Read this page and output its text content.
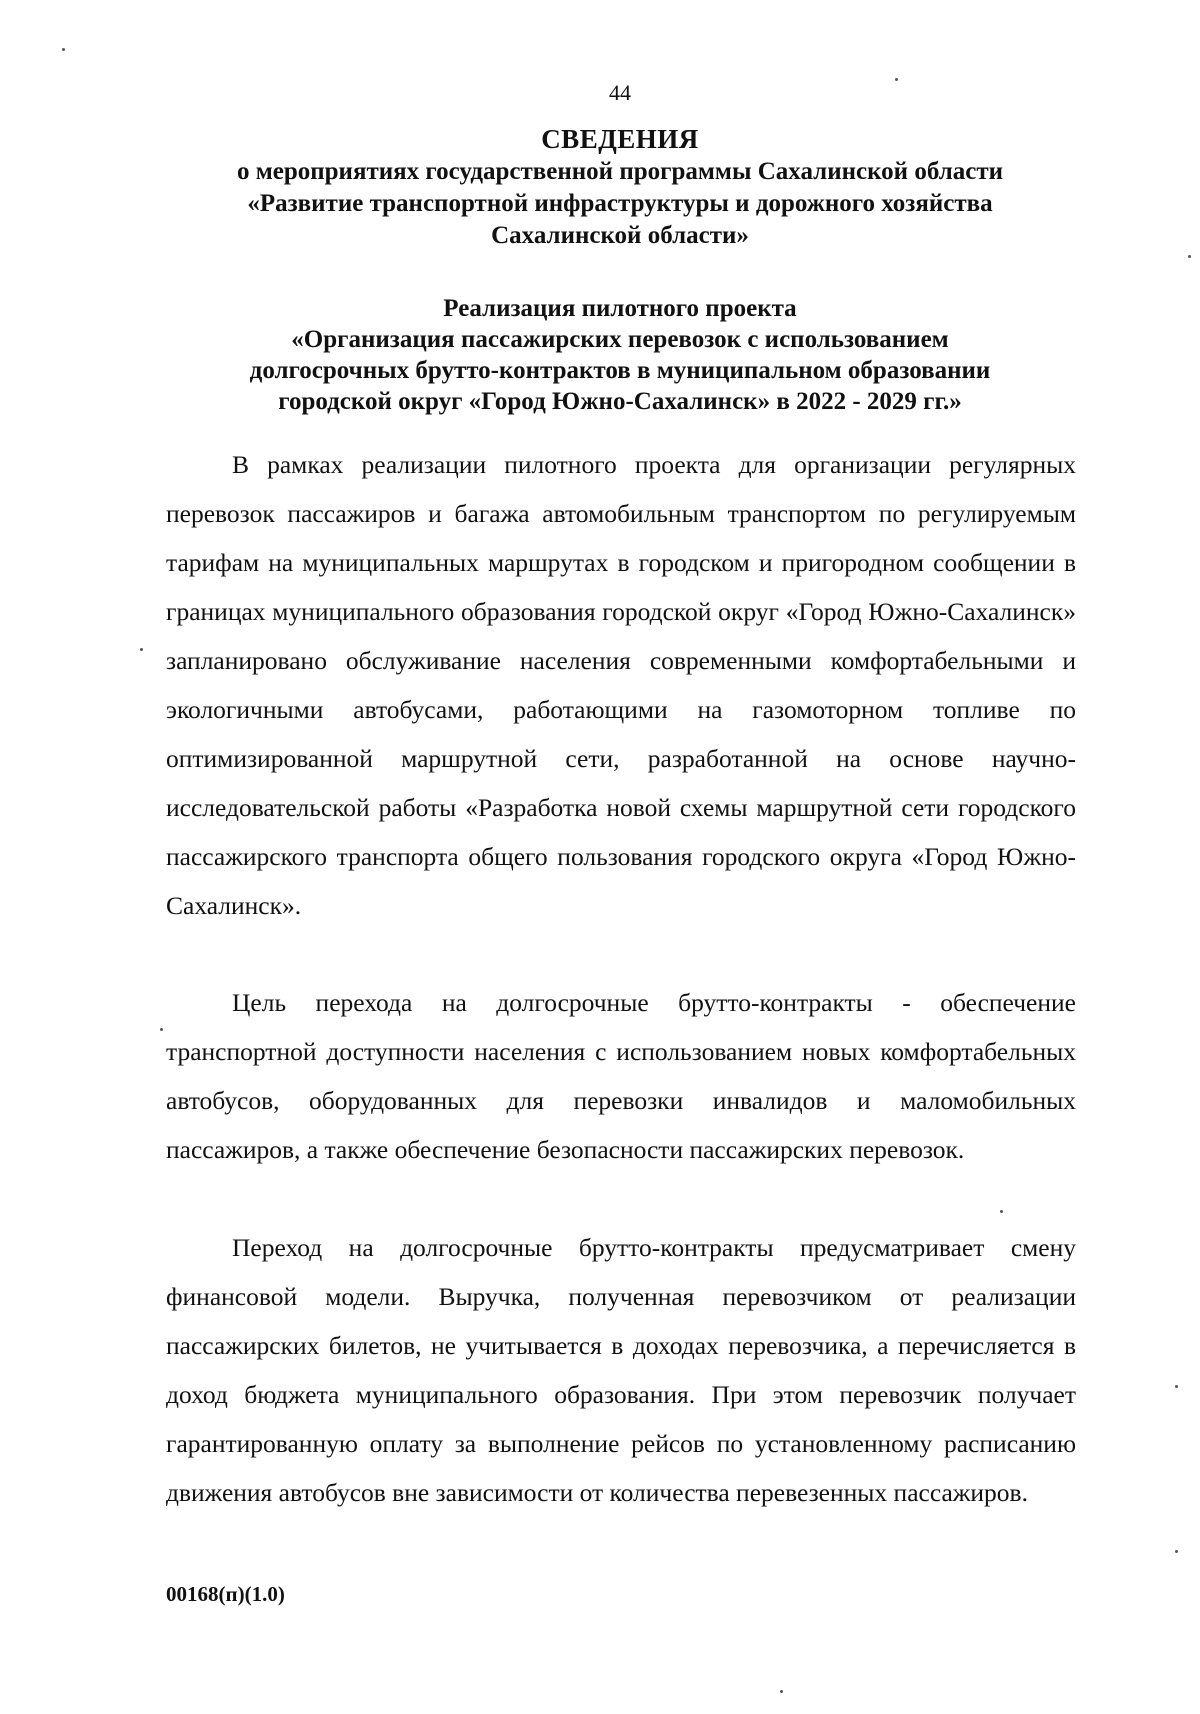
44

СВЕДЕНИЯ

о мероприятиях государственной программы Сахалинской области

«Развитие транспортной инфраструктуры и дорожного хозяйства

Сахалинской области»

Реализация пилотного проекта

«Организация пассажирских перевозок с использованием

долгосрочных брутто-контрактов в муниципальном образовании

городской округ «Город Южно-Сахалинск» в 2022 - 2029 гг.»

В рамках реализации пилотного проекта для организации регулярных перевозок пассажиров и багажа автомобильным транспортом по регулируемым тарифам на муниципальных маршрутах в городском и пригородном сообщении в границах муниципального образования городской округ «Город Южно-Сахалинск» запланировано обслуживание населения современными комфортабельными и экологичными автобусами, работающими на газомоторном топливе по оптимизированной маршрутной сети, разработанной на основе научно-исследовательской работы «Разработка новой схемы маршрутной сети городского пассажирского транспорта общего пользования городского округа «Город Южно-Сахалинск».

Цель перехода на долгосрочные брутто-контракты - обеспечение транспортной доступности населения с использованием новых комфортабельных автобусов, оборудованных для перевозки инвалидов и маломобильных пассажиров, а также обеспечение безопасности пассажирских перевозок.

Переход на долгосрочные брутто-контракты предусматривает смену финансовой модели. Выручка, полученная перевозчиком от реализации пассажирских билетов, не учитывается в доходах перевозчика, а перечисляется в доход бюджета муниципального образования. При этом перевозчик получает гарантированную оплату за выполнение рейсов по установленному расписанию движения автобусов вне зависимости от количества перевезенных пассажиров.

00168(п)(1.0)
